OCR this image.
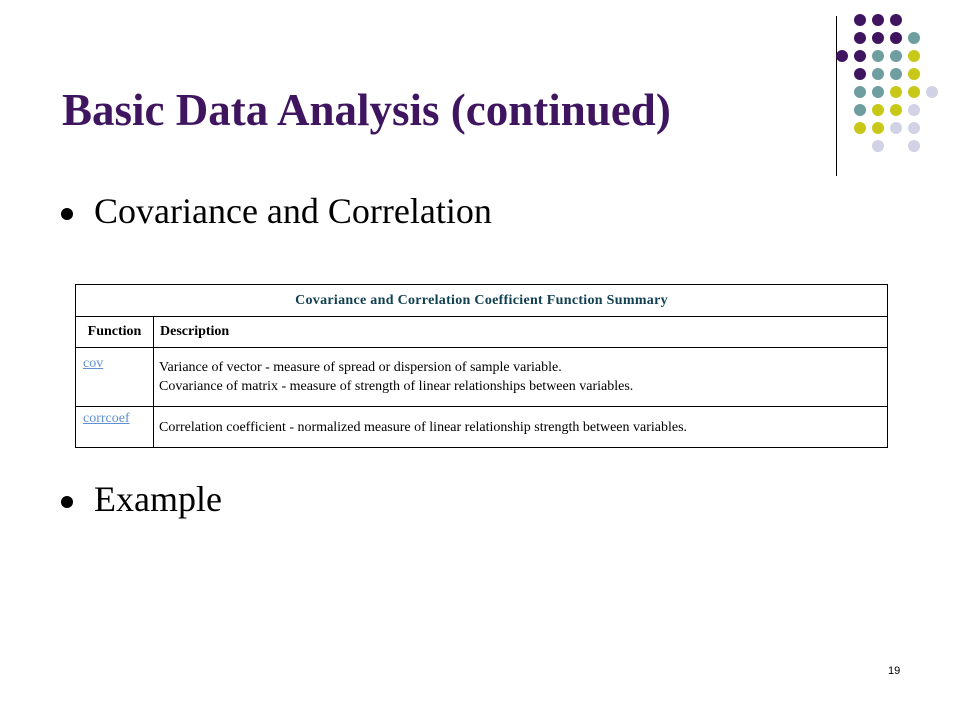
Basic Data Analysis (continued)
Covariance and Correlation
Covariance and Correlation Coefficient Function Summary	
Function	Description
cov	Variance of vector - measure of spread or dispersion of sample variable.
Covariance of matrix - measure of strength of linear relationships between variables.

corrcoef	Correlation coefficient - normalized measure of linear relationship strength between variables.
Example
19
